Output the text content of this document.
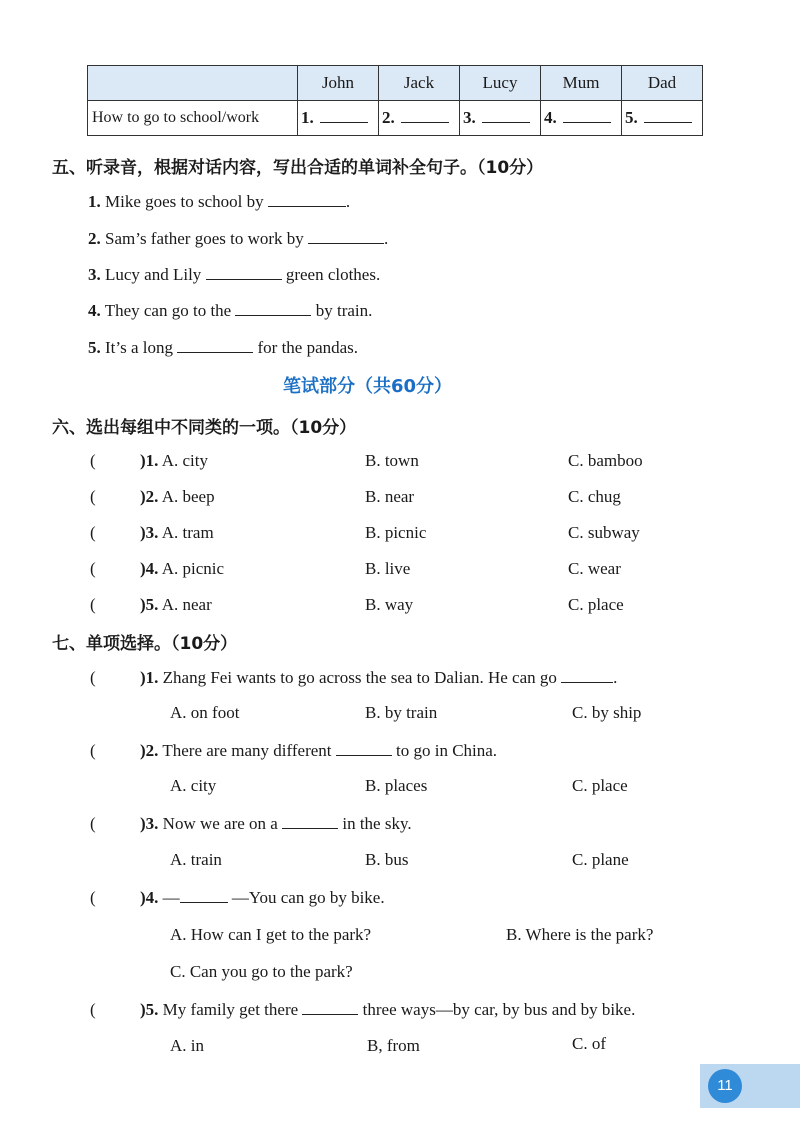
	John	Jack	Lucy	Mum	Dad
How to go to school/work	1.	2.	3.	4.	5.
五、听录音，根据对话内容，写出合适的单词补全句子。（10分）
1. Mike goes to school by	.
2. Sam’s father goes to work by	.
3. Lucy and Lily	green clothes.
4. They can go to the	by train.
5. It’s a long	for the pandas.
笔试部分（共60分）
六、选出每组中不同类的一项。（10分）
(	)1. A. city	B. town	C. bamboo
(	)2. A. beep	B. near	C. chug
(	)3. A. tram	B. picnic	C. subway
(	)4. A. picnic	B. live	C. wear
(	)5. A. near	B. way	C. place
七、单项选择。（10分）
(	)1. Zhang Fei wants to go across the sea to Dalian. He can go	.
A. on foot	B. by train	C. by ship
(	)2. There are many different	to go in China.
A. city	B. places	C. place
(	)3. Now we are on a	in the sky.
A. train	B. bus	C. plane
(	)4. —	—You can go by bike.
A. How can I get to the park?	B. Where is the park?
C. Can you go to the park?
(	)5. My family get there	three ways—by car, by bus and by bike.
A. in	B, from	C. of
11
